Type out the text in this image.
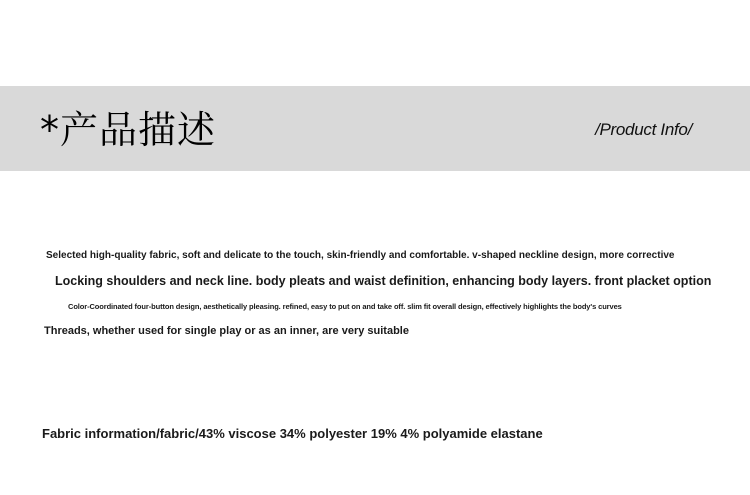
*产品描述	/Product Info/
Selected high-quality fabric, soft and delicate to the touch, skin-friendly and comfortable. v-shaped neckline design, more corrective
Locking shoulders and neck line. body pleats and waist definition, enhancing body layers. front placket option
Color-Coordinated four-button design, aesthetically pleasing. refined, easy to put on and take off. slim fit overall design, effectively highlights the body's curves
Threads, whether used for single play or as an inner, are very suitable
Fabric information/fabric/43% viscose 34% polyester 19% 4% polyamide elastane
